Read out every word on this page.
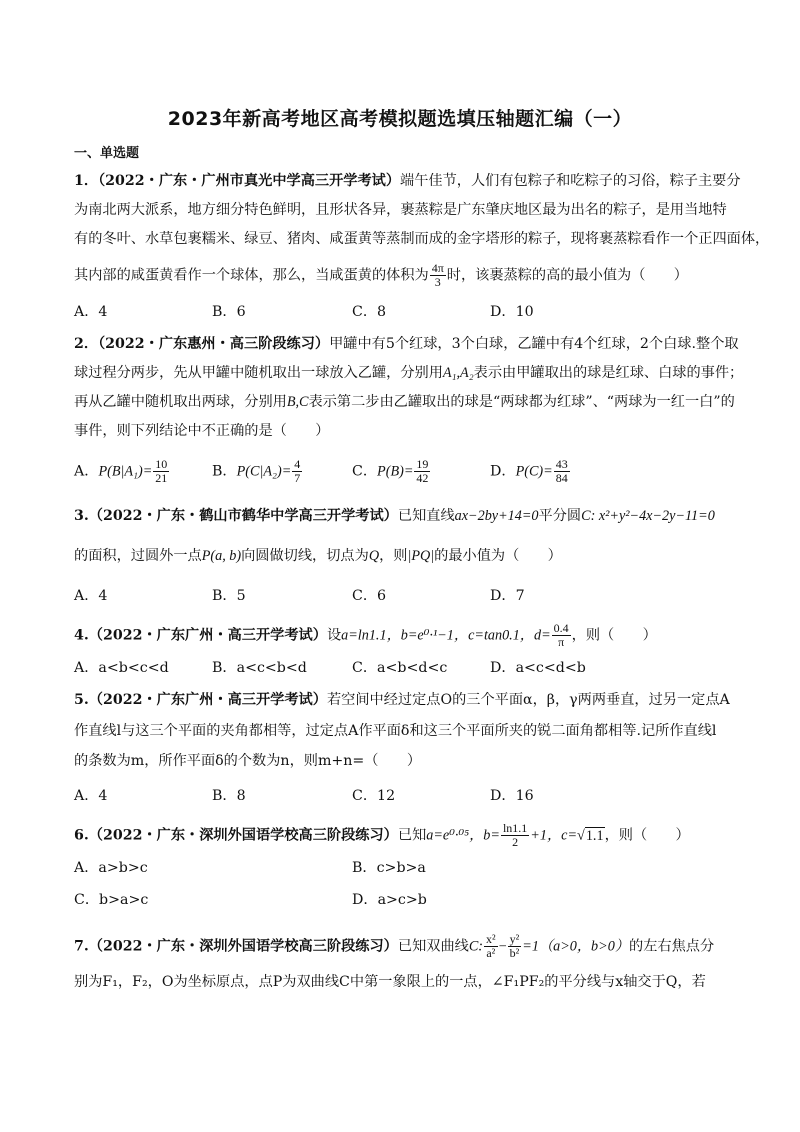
2023年新高考地区高考模拟题选填压轴题汇编（一）
一、单选题
1．（2022・广东・广州市真光中学高三开学考试）端午佳节，人们有包粽子和吃粽子的习俗，粽子主要分
为南北两大派系，地方细分特色鲜明，且形状各异，裹蒸粽是广东肇庆地区最为出名的粽子，是用当地特
有的冬叶、水草包裹糯米、绿豆、猪肉、咸蛋黄等蒸制而成的金字塔形的粽子，现将裹蒸粽看作一个正四面体，
其内部的咸蛋黄看作一个球体，那么，当咸蛋黄的体积为 $\frac{4\pi}{3}$ 时，该裹蒸粽的高的最小值为（　　）
A．4	B．6	C．8	D．10
2．（2022・广东惠州・高三阶段练习）甲罐中有5个红球，3个白球，乙罐中有4个红球，2个白球.整个取
球过程分两步，先从甲罐中随机取出一球放入乙罐，分别用A₁,A₂表示由甲罐取出的球是红球、白球的事件；
再从乙罐中随机取出两球，分别用B,C表示第二步由乙罐取出的球是“两球都为红球”、“两球为一红一白”的
事件，则下列结论中不正确的是（　　）
A．$P(B|A_1)= \frac{10}{21}$	B．$P(C|A_2)= \frac{4}{7}$	C．$P(B)= \frac{19}{42}$	D．$P(C)= \frac{43}{84}$
3.（2022・广东・鹤山市鹤华中学高三开学考试）已知直线ax−2by+14=0平分圆C: x²+y²−4x−2y−11=0
的面积，过圆外一点P(a, b)向圆做切线，切点为Q，则|PQ|的最小值为（　　）
A．4	B．5	C．6	D．7
4.（2022・广东广州・高三开学考试）设a=ln1.1，b=e⁰·¹−1，c=tan0.1，$d= \frac{0.4}{\pi}$ ，则（　　）
A．a<b<c<d	B．a<c<b<d	C．a<b<d<c	D．a<c<d<b
5.（2022・广东广州・高三开学考试）若空间中经过定点O的三个平面α，β，γ两两垂直，过另一定点A
作直线l与这三个平面的夹角都相等，过定点A作平面δ和这三个平面所夹的锐二面角都相等.记所作直线l
的条数为m，所作平面δ的个数为n，则m+n=（　　）
A．4	B．8	C．12	D．16
6.（2022・广东・深圳外国语学校高三阶段练习）已知a=e⁰·⁰⁵，$b= \frac{\ln 1.1}{2} +1$，c=√1.1，则（　　）
A．a>b>c	B．c>b>a
C．b>a>c	D．a>c>b
7.（2022・广东・深圳外国语学校高三阶段练习）已知双曲线C: $\frac{\text{x²}}{\text{a²}} - \frac{\text{y²}}{\text{b²}} =1(a>0$，b>0）的左右焦点分
别为F₁，F₂，O为坐标原点，点P为双曲线C中第一象限上的一点，∠F₁PF₂的平分线与x轴交于Q，若
